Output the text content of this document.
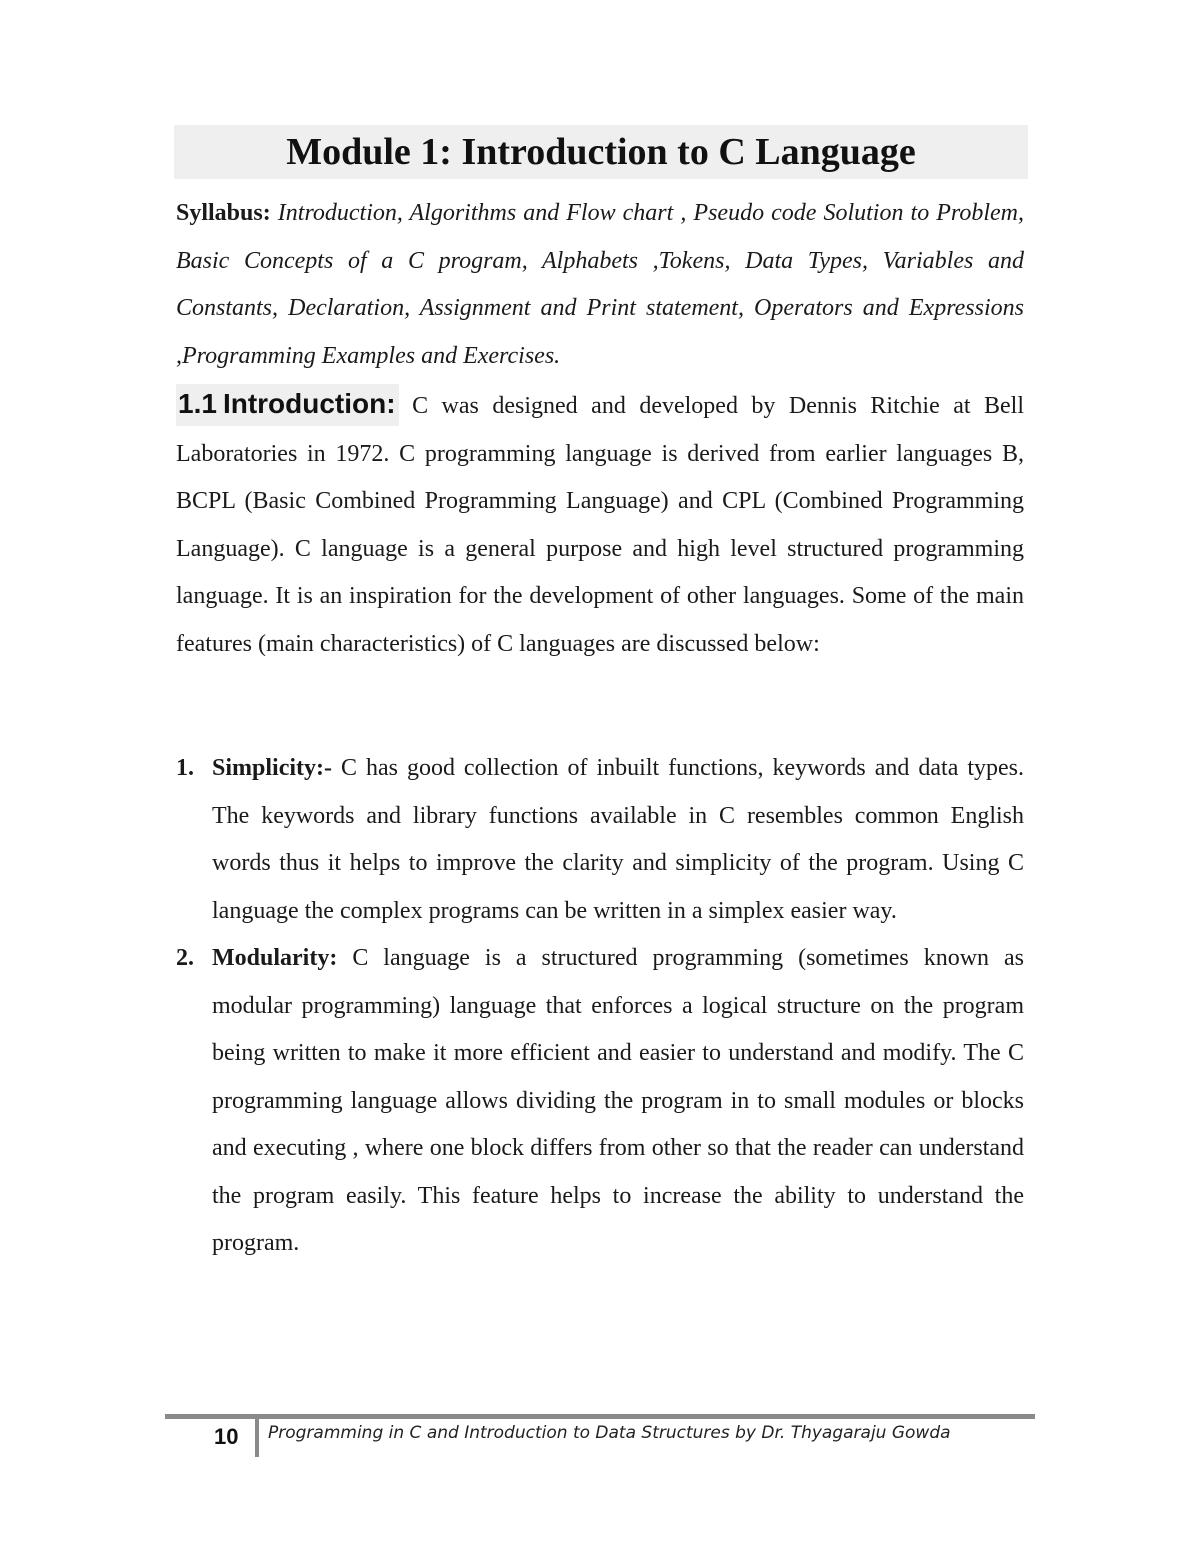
Module 1: Introduction to C Language
Syllabus: Introduction, Algorithms and Flow chart , Pseudo code Solution to Problem, Basic Concepts of a C program, Alphabets ,Tokens, Data Types, Variables and Constants, Declaration, Assignment and Print statement, Operators and Expressions ,Programming Examples and Exercises.
1.1 Introduction: C was designed and developed by Dennis Ritchie at Bell Laboratories in 1972. C programming language is derived from earlier languages B, BCPL (Basic Combined Programming Language) and CPL (Combined Programming Language). C language is a general purpose and high level structured programming language. It is an inspiration for the development of other languages. Some of the main features (main characteristics) of C languages are discussed below:
1. Simplicity:- C has good collection of inbuilt functions, keywords and data types. The keywords and library functions available in C resembles common English words thus it helps to improve the clarity and simplicity of the program. Using C language the complex programs can be written in a simplex easier way.
2. Modularity: C language is a structured programming (sometimes known as modular programming) language that enforces a logical structure on the program being written to make it more efficient and easier to understand and modify. The C programming language allows dividing the program in to small modules or blocks and executing , where one block differs from other so that the reader can understand the program easily. This feature helps to increase the ability to understand the program.
10 Programming in C and Introduction to Data Structures by Dr. Thyagaraju Gowda
